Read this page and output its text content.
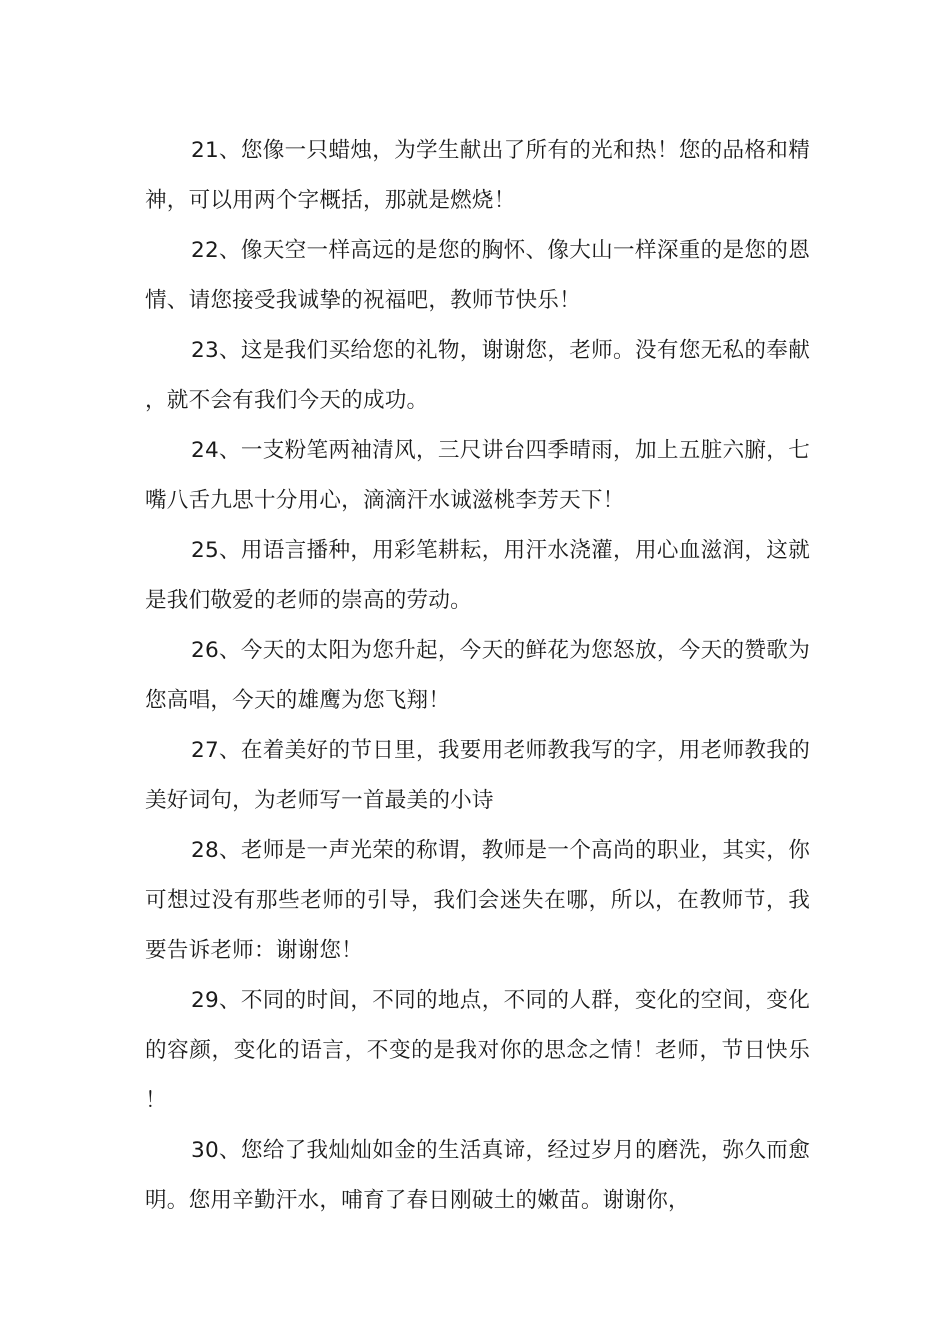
21、您像一只蜡烛，为学生献出了所有的光和热！您的品格和精神，可以用两个字概括，那就是燃烧！

22、像天空一样高远的是您的胸怀、像大山一样深重的是您的恩情、请您接受我诚挚的祝福吧，教师节快乐！

23、这是我们买给您的礼物，谢谢您，老师。没有您无私的奉献，就不会有我们今天的成功。

24、一支粉笔两袖清风，三尺讲台四季晴雨，加上五脏六腑，七嘴八舌九思十分用心，滴滴汗水诚滋桃李芳天下！

25、用语言播种，用彩笔耕耘，用汗水浇灌，用心血滋润，这就是我们敬爱的老师的崇高的劳动。

26、今天的太阳为您升起，今天的鲜花为您怒放，今天的赞歌为您高唱，今天的雄鹰为您飞翔！

27、在着美好的节日里，我要用老师教我写的字，用老师教我的美好词句，为老师写一首最美的小诗

28、老师是一声光荣的称谓，教师是一个高尚的职业，其实，你可想过没有那些老师的引导，我们会迷失在哪，所以，在教师节，我要告诉老师：谢谢您！

29、不同的时间，不同的地点，不同的人群，变化的空间，变化的容颜，变化的语言，不变的是我对你的思念之情！老师，节日快乐！

30、您给了我灿灿如金的生活真谛，经过岁月的磨洗，弥久而愈明。您用辛勤汗水，哺育了春日刚破土的嫩苗。谢谢你，
